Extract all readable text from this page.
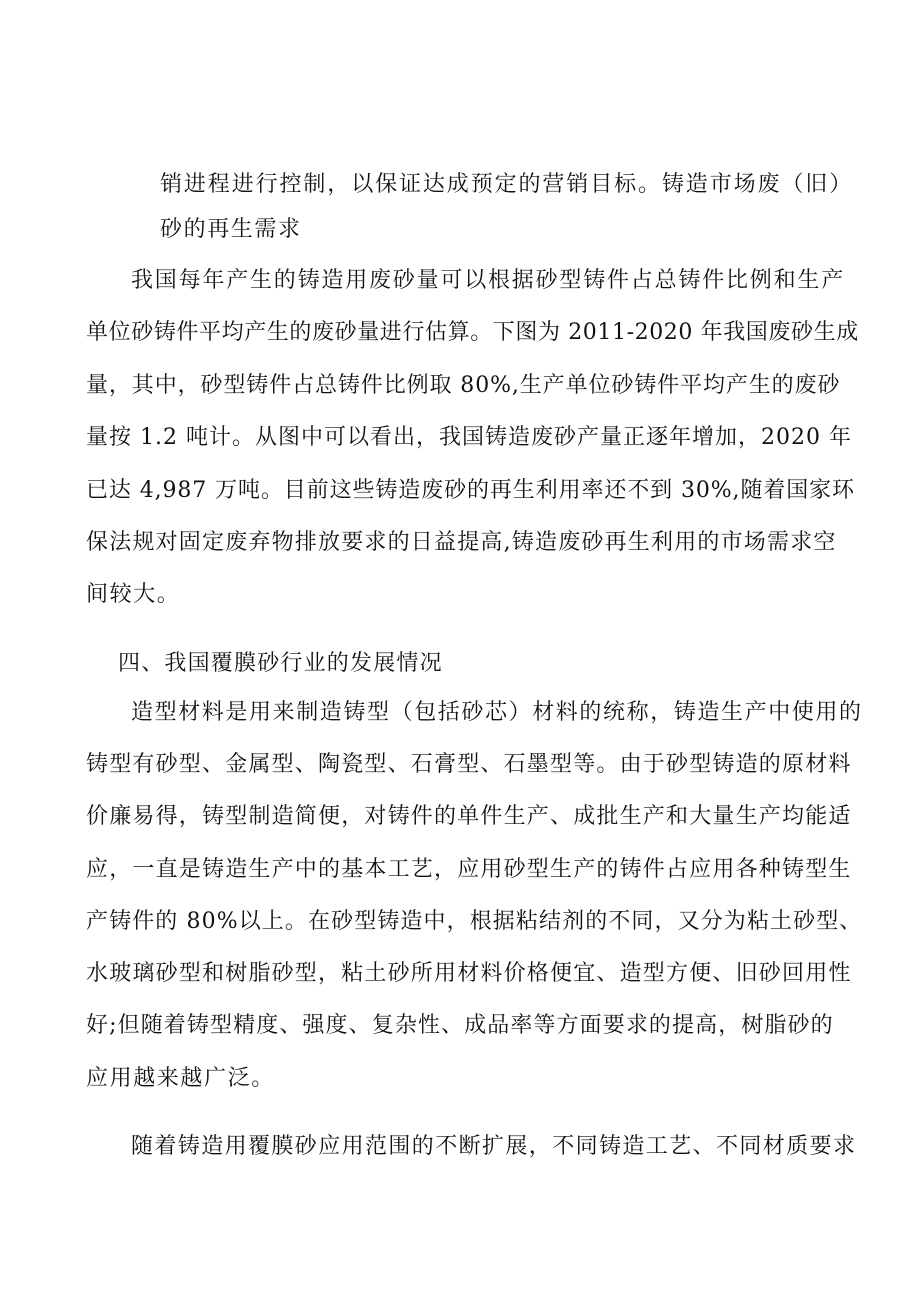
销进程进行控制，以保证达成预定的营销目标。铸造市场废（旧）
砂的再生需求
我国每年产生的铸造用废砂量可以根据砂型铸件占总铸件比例和生产
单位砂铸件平均产生的废砂量进行估算。下图为 2011-2020 年我国废砂生成
量，其中，砂型铸件占总铸件比例取 80%,生产单位砂铸件平均产生的废砂
量按 1.2 吨计。从图中可以看出，我国铸造废砂产量正逐年增加，2020 年
已达 4,987 万吨。目前这些铸造废砂的再生利用率还不到 30%,随着国家环
保法规对固定废弃物排放要求的日益提高,铸造废砂再生利用的市场需求空
间较大。
四、我国覆膜砂行业的发展情况
造型材料是用来制造铸型（包括砂芯）材料的统称，铸造生产中使用的
铸型有砂型、金属型、陶瓷型、石膏型、石墨型等。由于砂型铸造的原材料
价廉易得，铸型制造简便，对铸件的单件生产、成批生产和大量生产均能适
应，一直是铸造生产中的基本工艺，应用砂型生产的铸件占应用各种铸型生
产铸件的 80%以上。在砂型铸造中，根据粘结剂的不同，又分为粘土砂型、
水玻璃砂型和树脂砂型，粘土砂所用材料价格便宜、造型方便、旧砂回用性
好;但随着铸型精度、强度、复杂性、成品率等方面要求的提高，树脂砂的
应用越来越广泛。
随着铸造用覆膜砂应用范围的不断扩展，不同铸造工艺、不同材质要求
